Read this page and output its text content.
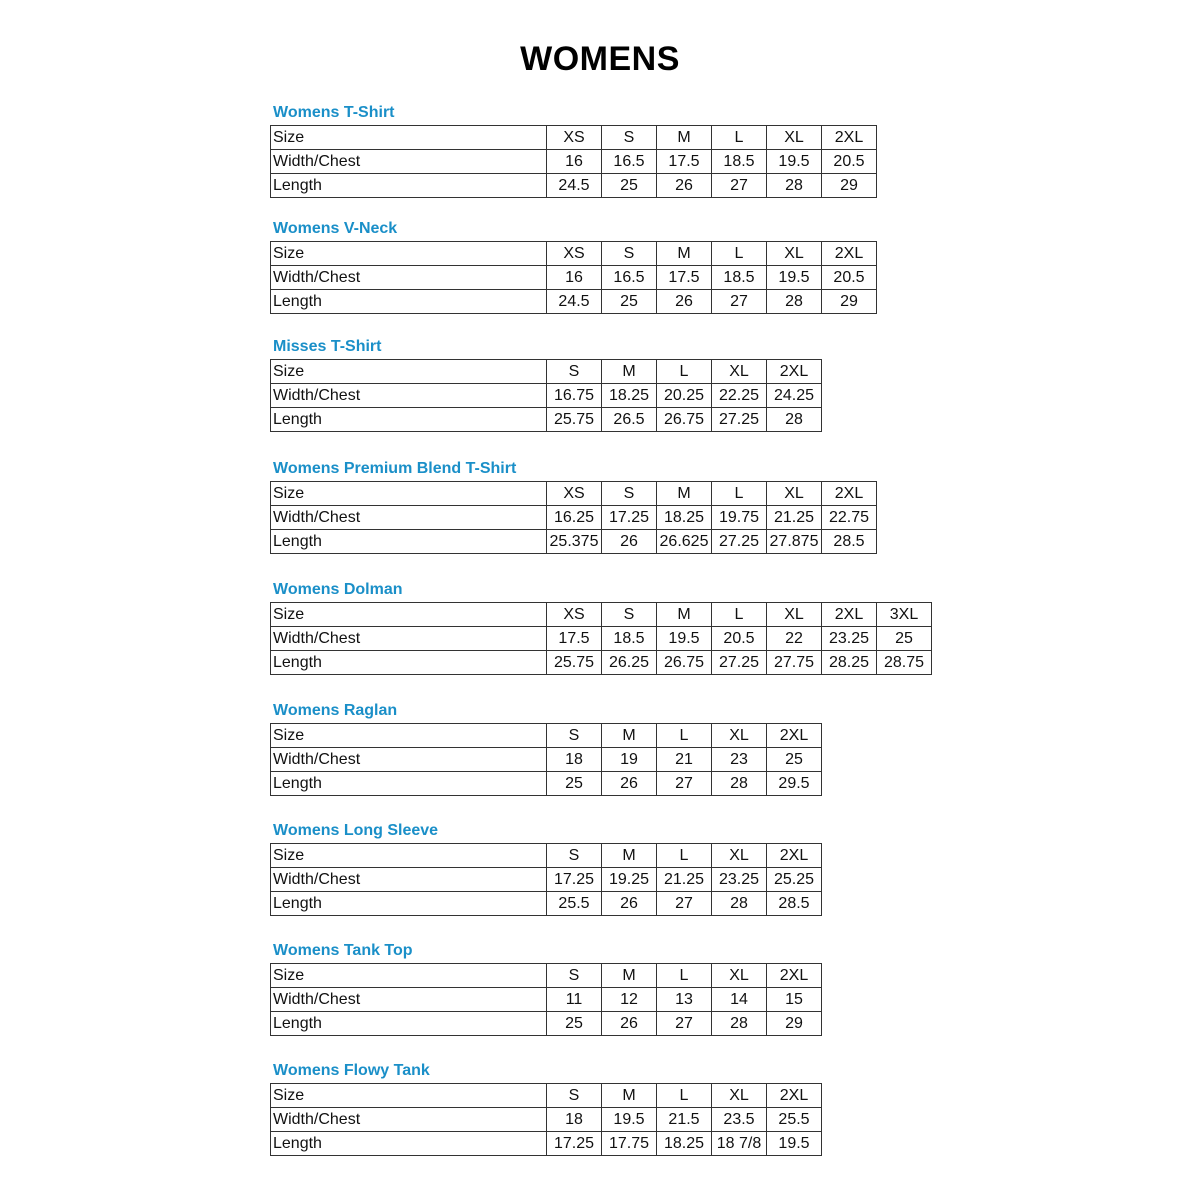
WOMENS
Womens T-Shirt
Size	XS	S	M	L	XL	2XL
Width/Chest	16	16.5	17.5	18.5	19.5	20.5
Length	24.5	25	26	27	28	29
Womens V-Neck
Size	XS	S	M	L	XL	2XL
Width/Chest	16	16.5	17.5	18.5	19.5	20.5
Length	24.5	25	26	27	28	29
Misses T-Shirt
Size	S	M	L	XL	2XL
Width/Chest	16.75	18.25	20.25	22.25	24.25
Length	25.75	26.5	26.75	27.25	28
Womens Premium Blend T-Shirt
Size	XS	S	M	L	XL	2XL
Width/Chest	16.25	17.25	18.25	19.75	21.25	22.75
Length	25.375	26	26.625	27.25	27.875	28.5
Womens Dolman
Size	XS	S	M	L	XL	2XL	3XL
Width/Chest	17.5	18.5	19.5	20.5	22	23.25	25
Length	25.75	26.25	26.75	27.25	27.75	28.25	28.75
Womens Raglan
Size	S	M	L	XL	2XL
Width/Chest	18	19	21	23	25
Length	25	26	27	28	29.5
Womens Long Sleeve
Size	S	M	L	XL	2XL
Width/Chest	17.25	19.25	21.25	23.25	25.25
Length	25.5	26	27	28	28.5
Womens Tank Top
Size	S	M	L	XL	2XL
Width/Chest	11	12	13	14	15
Length	25	26	27	28	29
Womens Flowy Tank
Size	S	M	L	XL	2XL
Width/Chest	18	19.5	21.5	23.5	25.5
Length	17.25	17.75	18.25	18 7/8	19.5
